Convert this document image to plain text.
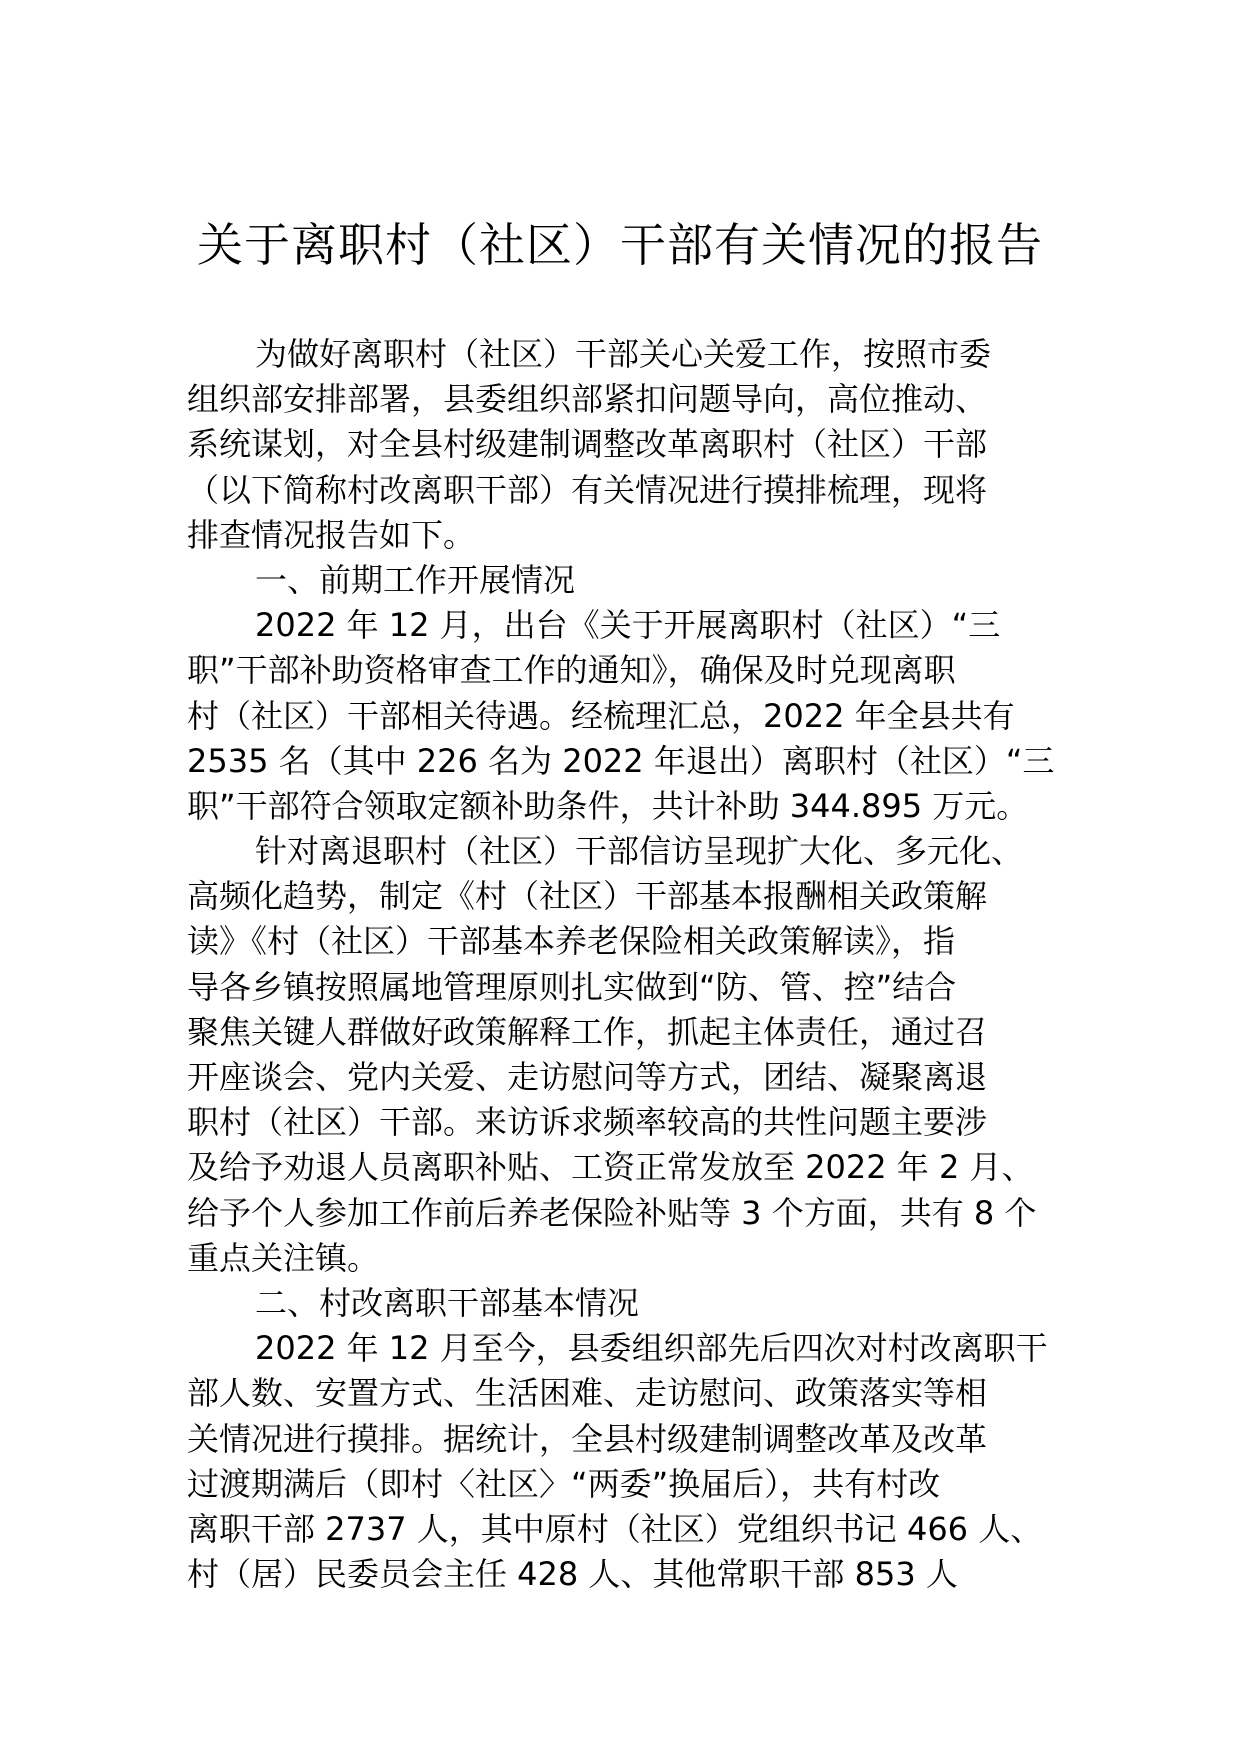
关于离职村（社区）干部有关情况的报告
为做好离职村（社区）干部关心关爱工作，按照市委
组织部安排部署，县委组织部紧扣问题导向，高位推动、
系统谋划，对全县村级建制调整改革离职村（社区）干部
（以下简称村改离职干部）有关情况进行摸排梳理，现将
排查情况报告如下。
一、前期工作开展情况
2022 年 12 月，出台《关于开展离职村（社区）“三
职”干部补助资格审查工作的通知》，确保及时兑现离职
村（社区）干部相关待遇。经梳理汇总，2022 年全县共有
2535 名（其中 226 名为 2022 年退出）离职村（社区）“三
职”干部符合领取定额补助条件，共计补助 344.895 万元。
针对离退职村（社区）干部信访呈现扩大化、多元化、
高频化趋势，制定《村（社区）干部基本报酬相关政策解
读》《村（社区）干部基本养老保险相关政策解读》，指
导各乡镇按照属地管理原则扎实做到“防、管、控”结合
聚焦关键人群做好政策解释工作，抓起主体责任，通过召
开座谈会、党内关爱、走访慰问等方式，团结、凝聚离退
职村（社区）干部。来访诉求频率较高的共性问题主要涉
及给予劝退人员离职补贴、工资正常发放至 2022 年 2 月、
给予个人参加工作前后养老保险补贴等 3 个方面，共有 8 个
重点关注镇。
二、村改离职干部基本情况
2022 年 12 月至今，县委组织部先后四次对村改离职干
部人数、安置方式、生活困难、走访慰问、政策落实等相
关情况进行摸排。据统计，全县村级建制调整改革及改革
过渡期满后（即村〈社区〉“两委”换届后），共有村改
离职干部 2737 人，其中原村（社区）党组织书记 466 人、
村（居）民委员会主任 428 人、其他常职干部 853 人
